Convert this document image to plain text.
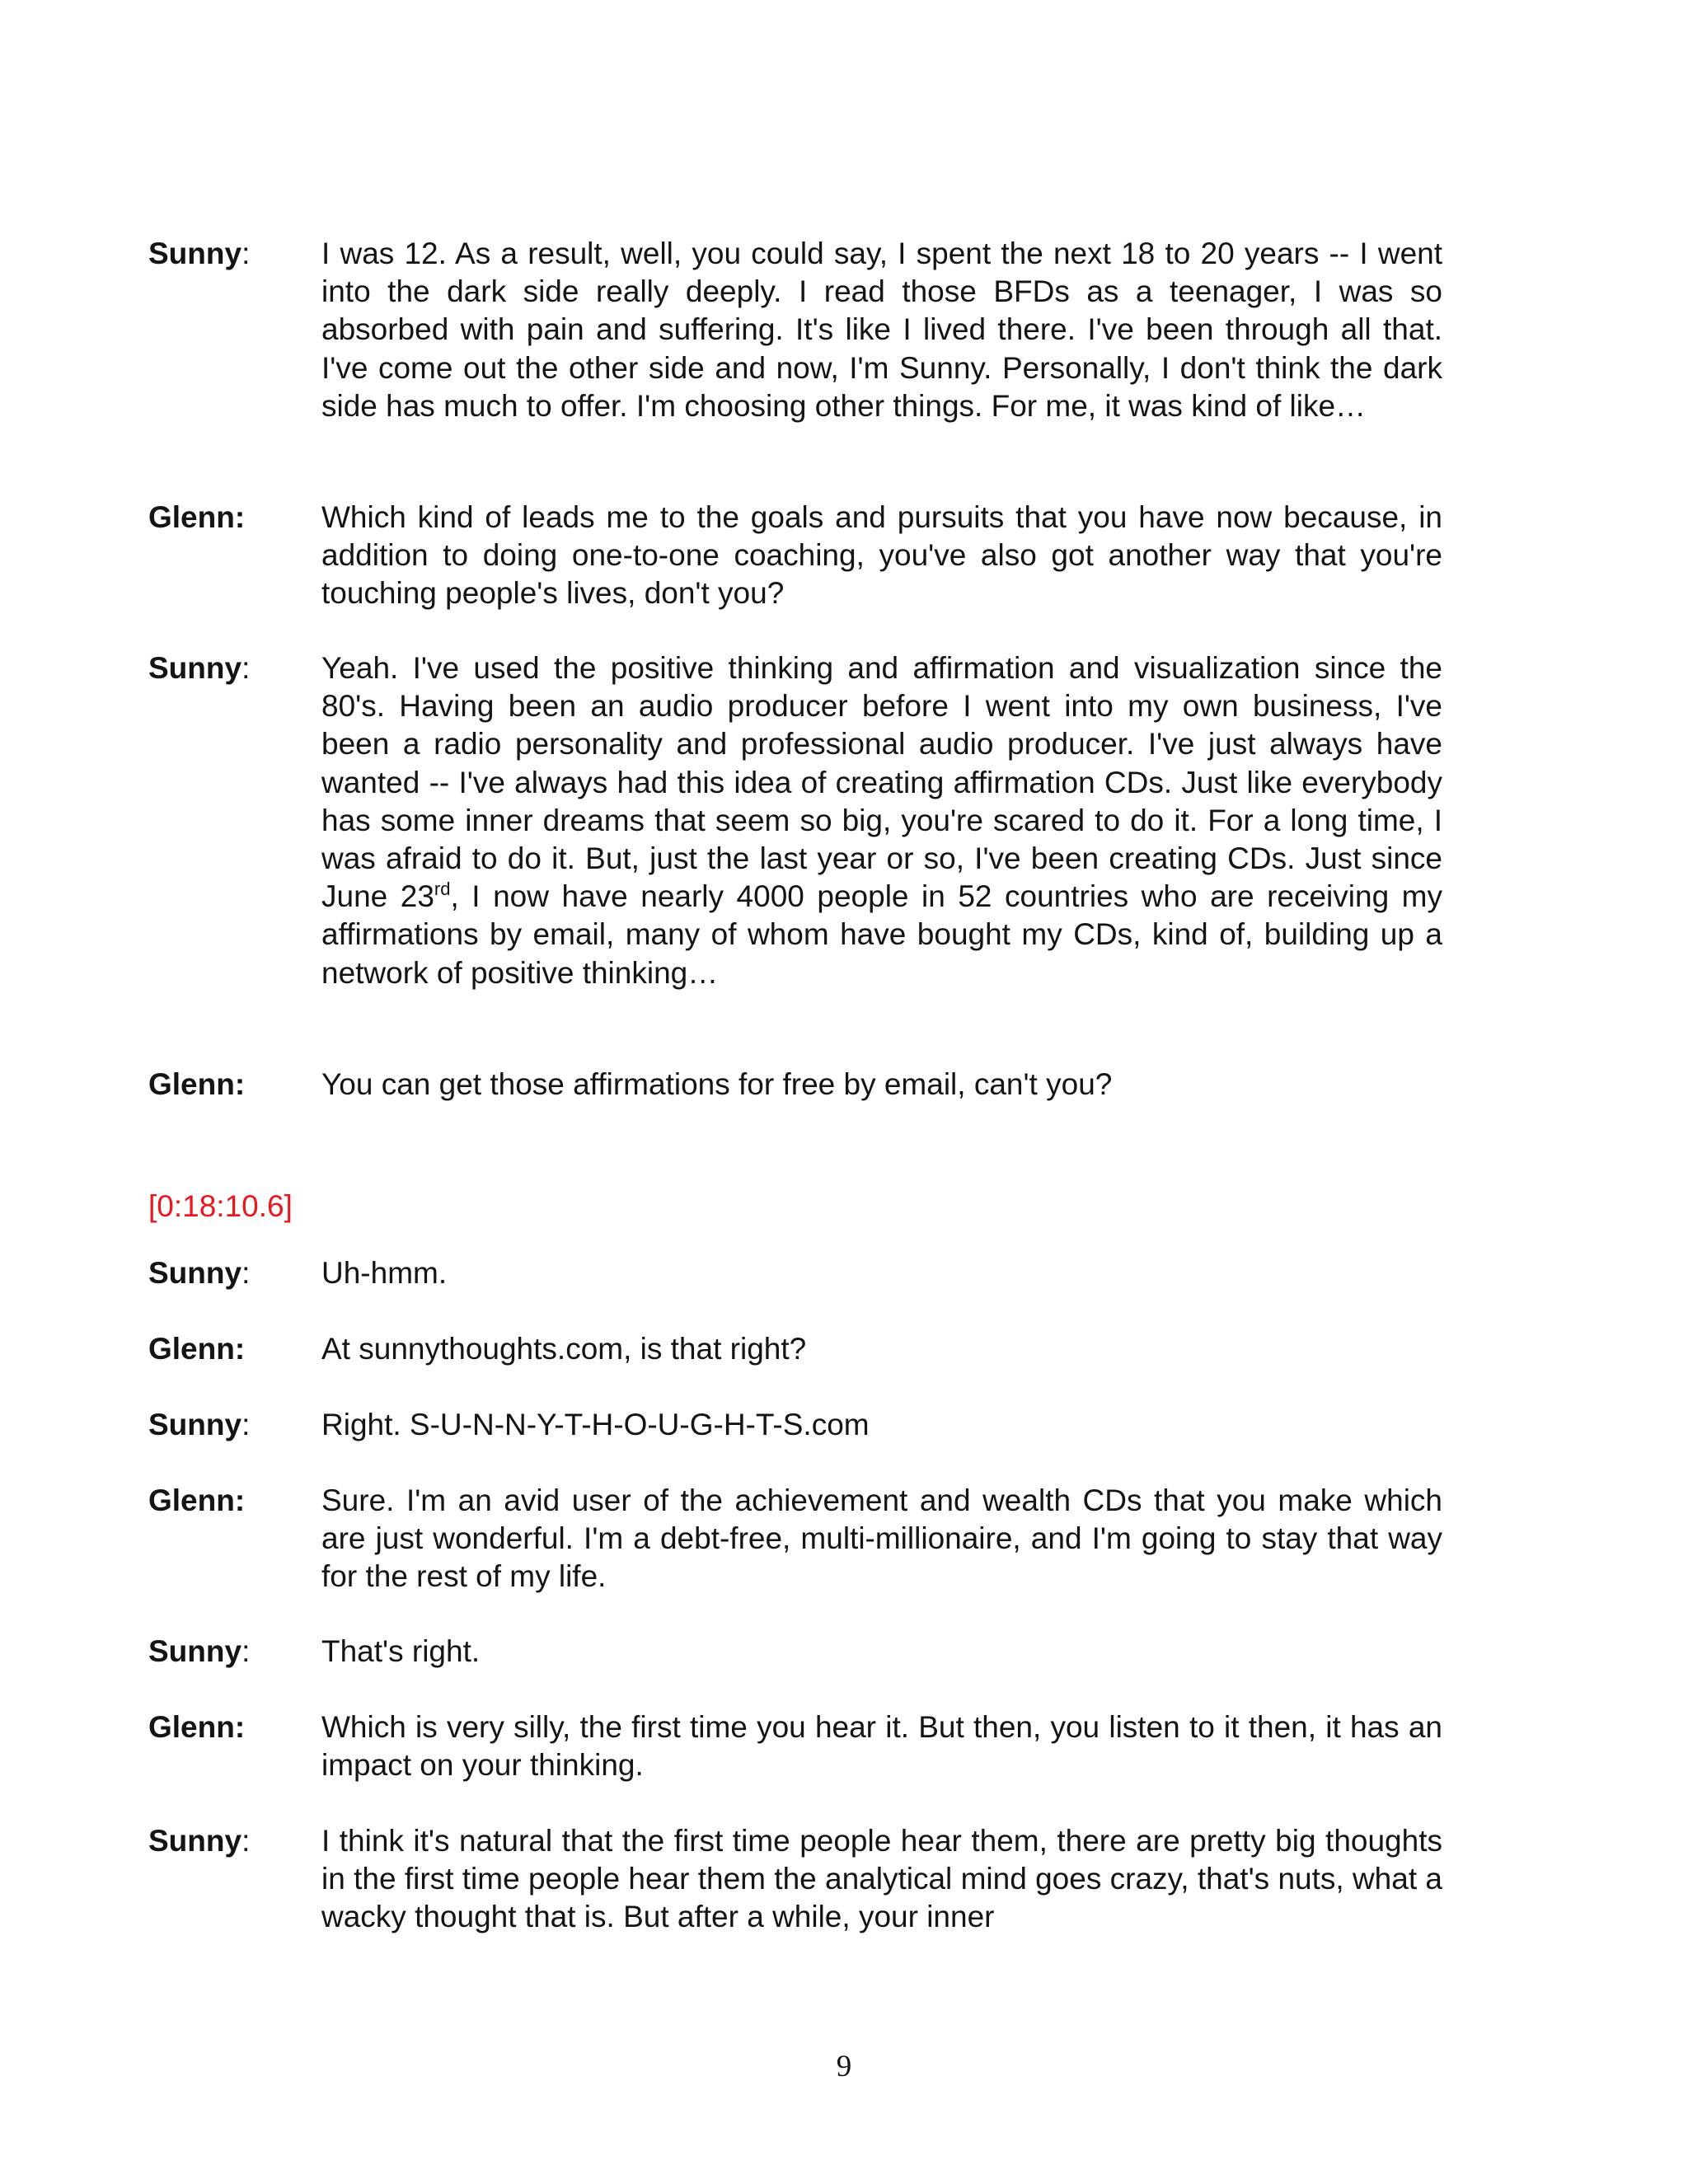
Sunny: I was 12. As a result, well, you could say, I spent the next 18 to 20 years -- I went into the dark side really deeply. I read those BFDs as a teenager, I was so absorbed with pain and suffering. It's like I lived there. I've been through all that. I've come out the other side and now, I'm Sunny. Personally, I don't think the dark side has much to offer. I'm choosing other things. For me, it was kind of like…
Glenn:	Which kind of leads me to the goals and pursuits that you have now because, in addition to doing one-to-one coaching, you've also got another way that you're touching people's lives, don't you?
Sunny: Yeah. I've used the positive thinking and affirmation and visualization since the 80's. Having been an audio producer before I went into my own business, I've been a radio personality and professional audio producer. I've just always have wanted -- I've always had this idea of creating affirmation CDs. Just like everybody has some inner dreams that seem so big, you're scared to do it. For a long time, I was afraid to do it. But, just the last year or so, I've been creating CDs. Just since June 23rd, I now have nearly 4000 people in 52 countries who are receiving my affirmations by email, many of whom have bought my CDs, kind of, building up a network of positive thinking…
Glenn:	You can get those affirmations for free by email, can't you?
[0:18:10.6]
Sunny: Uh-hmm.
Glenn:	At sunnythoughts.com, is that right?
Sunny: Right. S-U-N-N-Y-T-H-O-U-G-H-T-S.com
Glenn:	Sure. I'm an avid user of the achievement and wealth CDs that you make which are just wonderful. I'm a debt-free, multi-millionaire, and I'm going to stay that way for the rest of my life.
Sunny: That's right.
Glenn:	Which is very silly, the first time you hear it. But then, you listen to it then, it has an impact on your thinking.
Sunny: I think it's natural that the first time people hear them, there are pretty big thoughts in the first time people hear them the analytical mind goes crazy, that's nuts, what a wacky thought that is. But after a while, your inner
9
